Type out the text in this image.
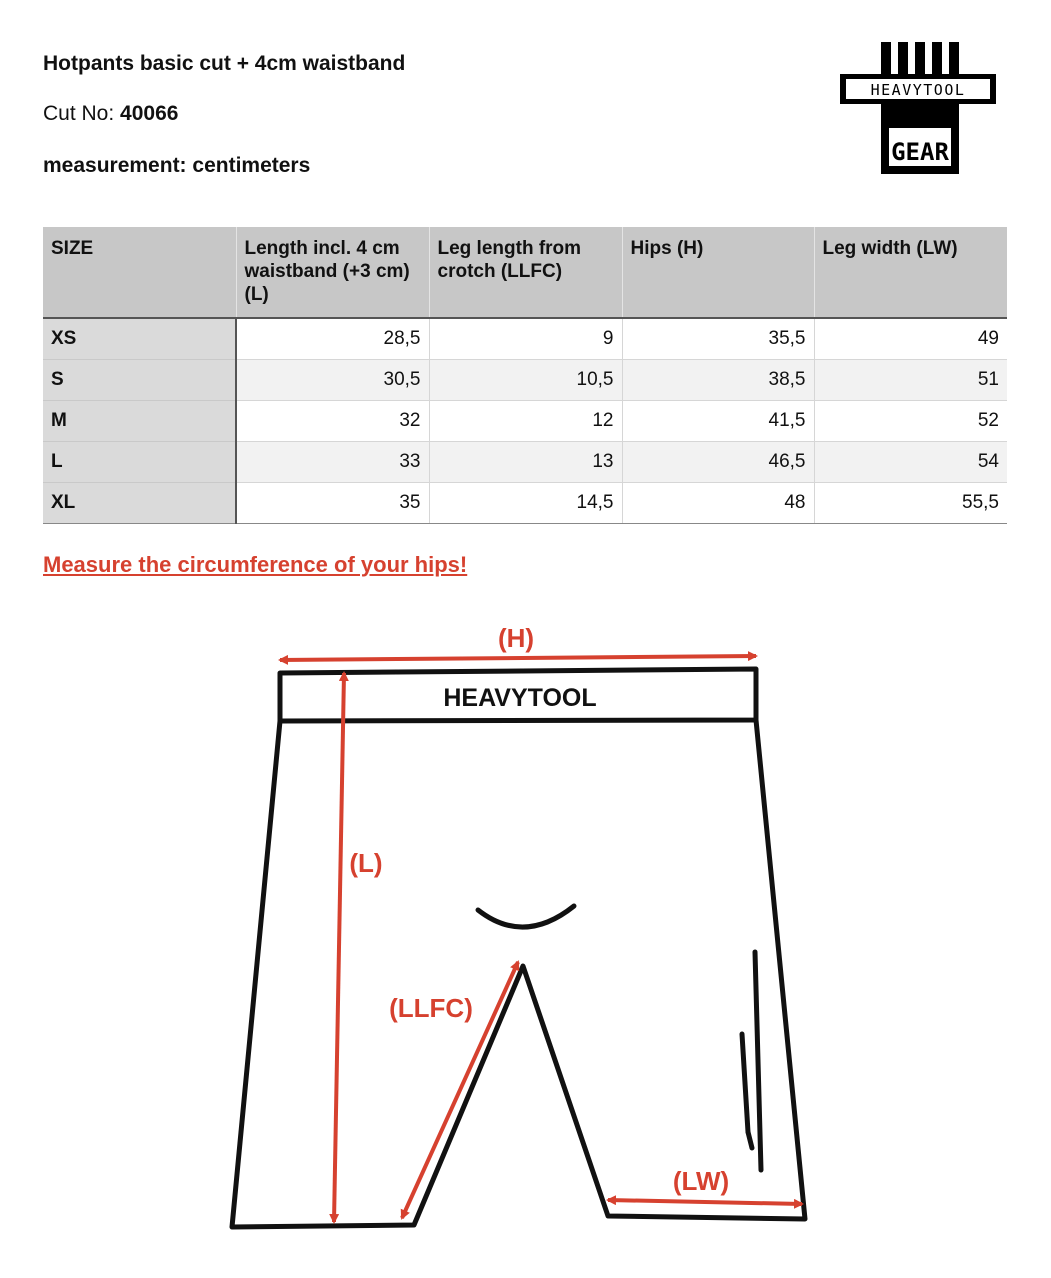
Hotpants basic cut + 4cm waistband
Cut No: 40066
measurement: centimeters
HEAVYTOOL
GEAR
SIZE	Length incl. 4 cm waistband (+3 cm) (L)	Leg length from crotch (LLFC)	Hips (H)	Leg width (LW)
XS	28,5	9	35,5	49
S	30,5	10,5	38,5	51
M	32	12	41,5	52
L	33	13	46,5	54
XL	35	14,5	48	55,5
Measure the circumference of your hips!
HEAVYTOOL
(H)
(L)
(LLFC)
(LW)
